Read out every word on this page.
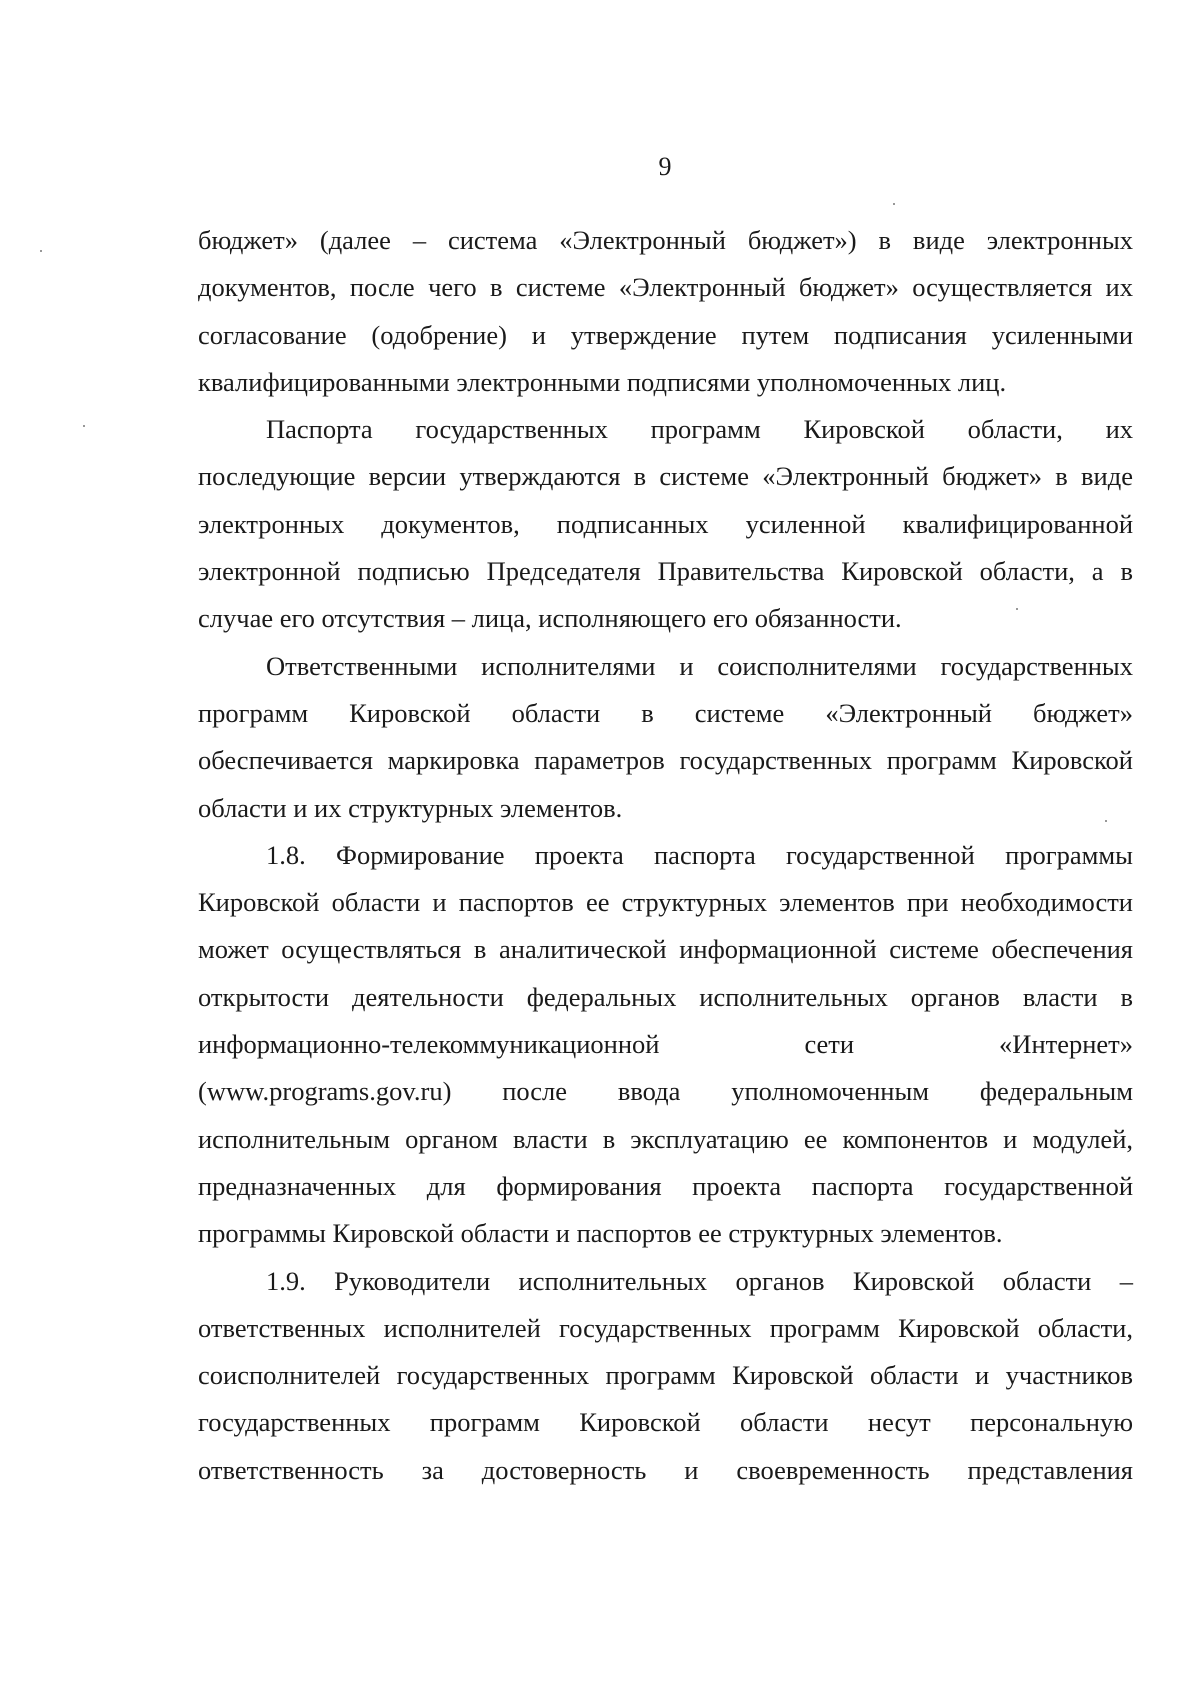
9
бюджет» (далее – система «Электронный бюджет») в виде электронных
документов, после чего в системе «Электронный бюджет» осуществляется их
согласование (одобрение) и утверждение путем подписания усиленными
квалифицированными электронными подписями уполномоченных лиц.
Паспорта государственных программ Кировской области, их
последующие версии утверждаются в системе «Электронный бюджет» в виде
электронных документов, подписанных усиленной квалифицированной
электронной подписью Председателя Правительства Кировской области, а в
случае его отсутствия – лица, исполняющего его обязанности.
Ответственными исполнителями и соисполнителями государственных
программ Кировской области в системе «Электронный бюджет»
обеспечивается маркировка параметров государственных программ Кировской
области и их структурных элементов.
1.8. Формирование проекта паспорта государственной программы
Кировской области и паспортов ее структурных элементов при необходимости
может осуществляться в аналитической информационной системе обеспечения
открытости деятельности федеральных исполнительных органов власти в
информационно-телекоммуникационной сети «Интернет»
(www.programs.gov.ru) после ввода уполномоченным федеральным
исполнительным органом власти в эксплуатацию ее компонентов и модулей,
предназначенных для формирования проекта паспорта государственной
программы Кировской области и паспортов ее структурных элементов.
1.9. Руководители исполнительных органов Кировской области –
ответственных исполнителей государственных программ Кировской области,
соисполнителей государственных программ Кировской области и участников
государственных программ Кировской области несут персональную
ответственность за достоверность и своевременность представления
